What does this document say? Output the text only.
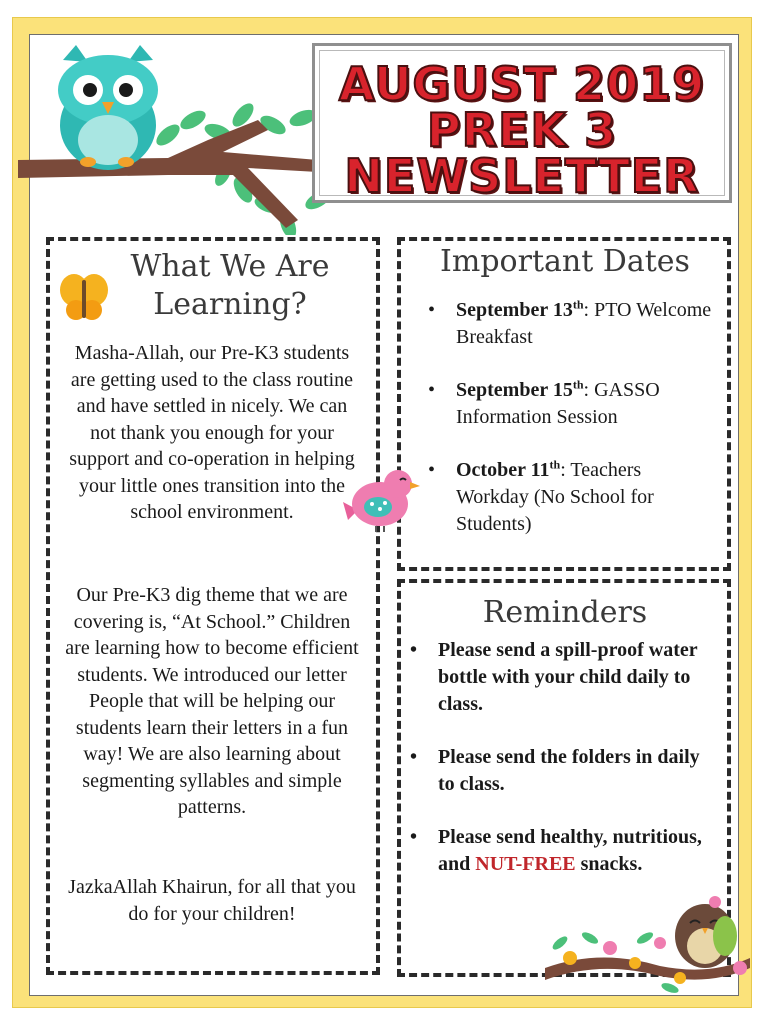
AUGUST 2019
PREK 3
NEWSLETTER
What We Are
Learning?
Masha-Allah, our Pre-K3 students are getting used to the class routine and have settled in nicely. We can not thank you enough for your support and co-operation in helping your little ones transition into the school environment.
Our Pre-K3 dig theme that we are covering is, “At School.” Children are learning how to become efficient students. We introduced our letter People that will be helping our students learn their letters in a fun way! We are also learning about segmenting syllables and simple patterns.
JazkaAllah Khairun, for all that you do for your children!
Important Dates
• September 13th: PTO Welcome Breakfast
• September 15th: GASSO Information Session
• October 11th: Teachers Workday (No School for Students)
Reminders
• Please send a spill-proof water bottle with your child daily to class.
• Please send the folders in daily to class.
• Please send healthy, nutritious, and NUT-FREE snacks.
